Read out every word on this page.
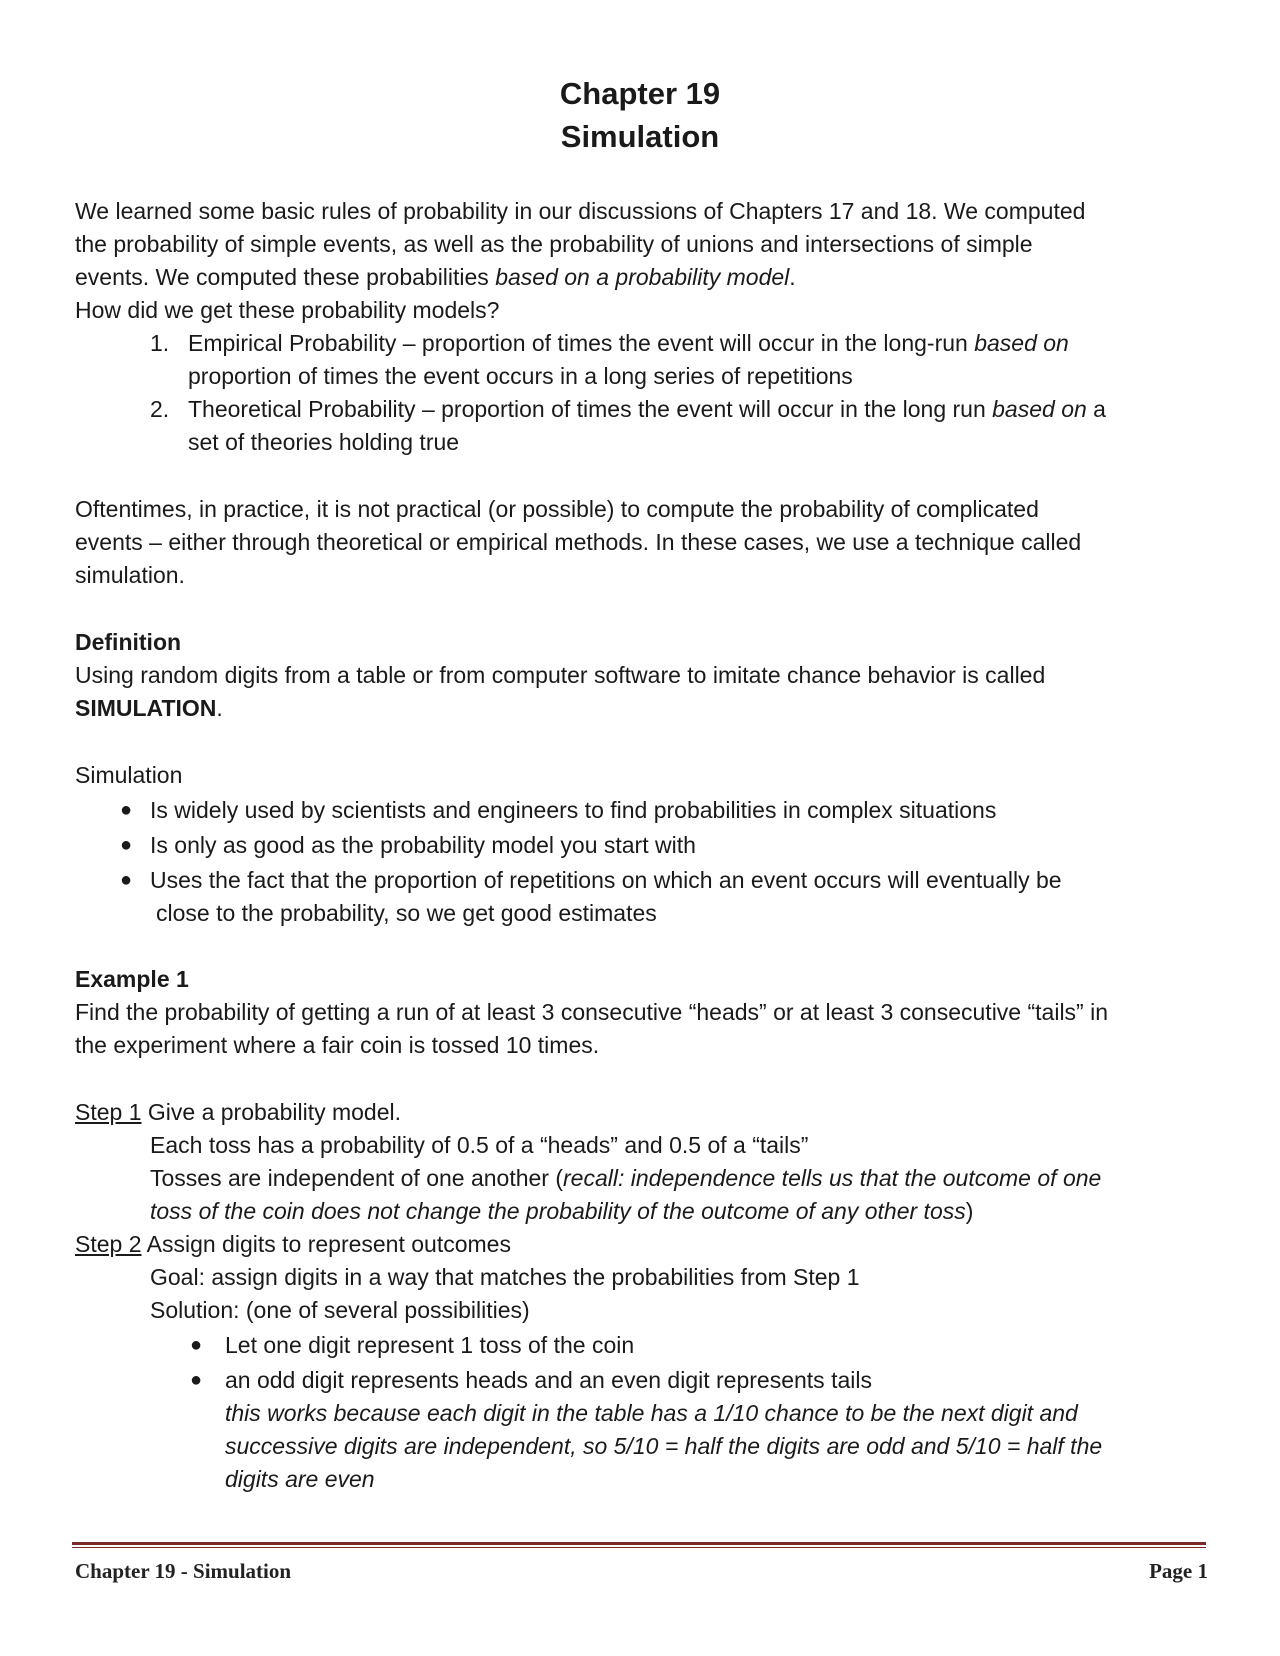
Chapter 19
Simulation
We learned some basic rules of probability in our discussions of Chapters 17 and 18. We computed
the probability of simple events, as well as the probability of unions and intersections of simple
events. We computed these probabilities based on a probability model.
How did we get these probability models?
1. Empirical Probability – proportion of times the event will occur in the long-run based on
proportion of times the event occurs in a long series of repetitions
2. Theoretical Probability – proportion of times the event will occur in the long run based on a
set of theories holding true
Oftentimes, in practice, it is not practical (or possible) to compute the probability of complicated
events – either through theoretical or empirical methods. In these cases, we use a technique called
simulation.
Definition
Using random digits from a table or from computer software to imitate chance behavior is called
SIMULATION.
Simulation
● Is widely used by scientists and engineers to find probabilities in complex situations
● Is only as good as the probability model you start with
● Uses the fact that the proportion of repetitions on which an event occurs will eventually be
close to the probability, so we get good estimates
Example 1
Find the probability of getting a run of at least 3 consecutive “heads” or at least 3 consecutive “tails” in
the experiment where a fair coin is tossed 10 times.
Step 1 Give a probability model.
Each toss has a probability of 0.5 of a “heads” and 0.5 of a “tails”
Tosses are independent of one another (recall: independence tells us that the outcome of one
toss of the coin does not change the probability of the outcome of any other toss)
Step 2 Assign digits to represent outcomes
Goal: assign digits in a way that matches the probabilities from Step 1
Solution: (one of several possibilities)
● Let one digit represent 1 toss of the coin
● an odd digit represents heads and an even digit represents tails
this works because each digit in the table has a 1/10 chance to be the next digit and
successive digits are independent, so 5/10 = half the digits are odd and 5/10 = half the
digits are even
Chapter 19 - Simulation	Page 1
